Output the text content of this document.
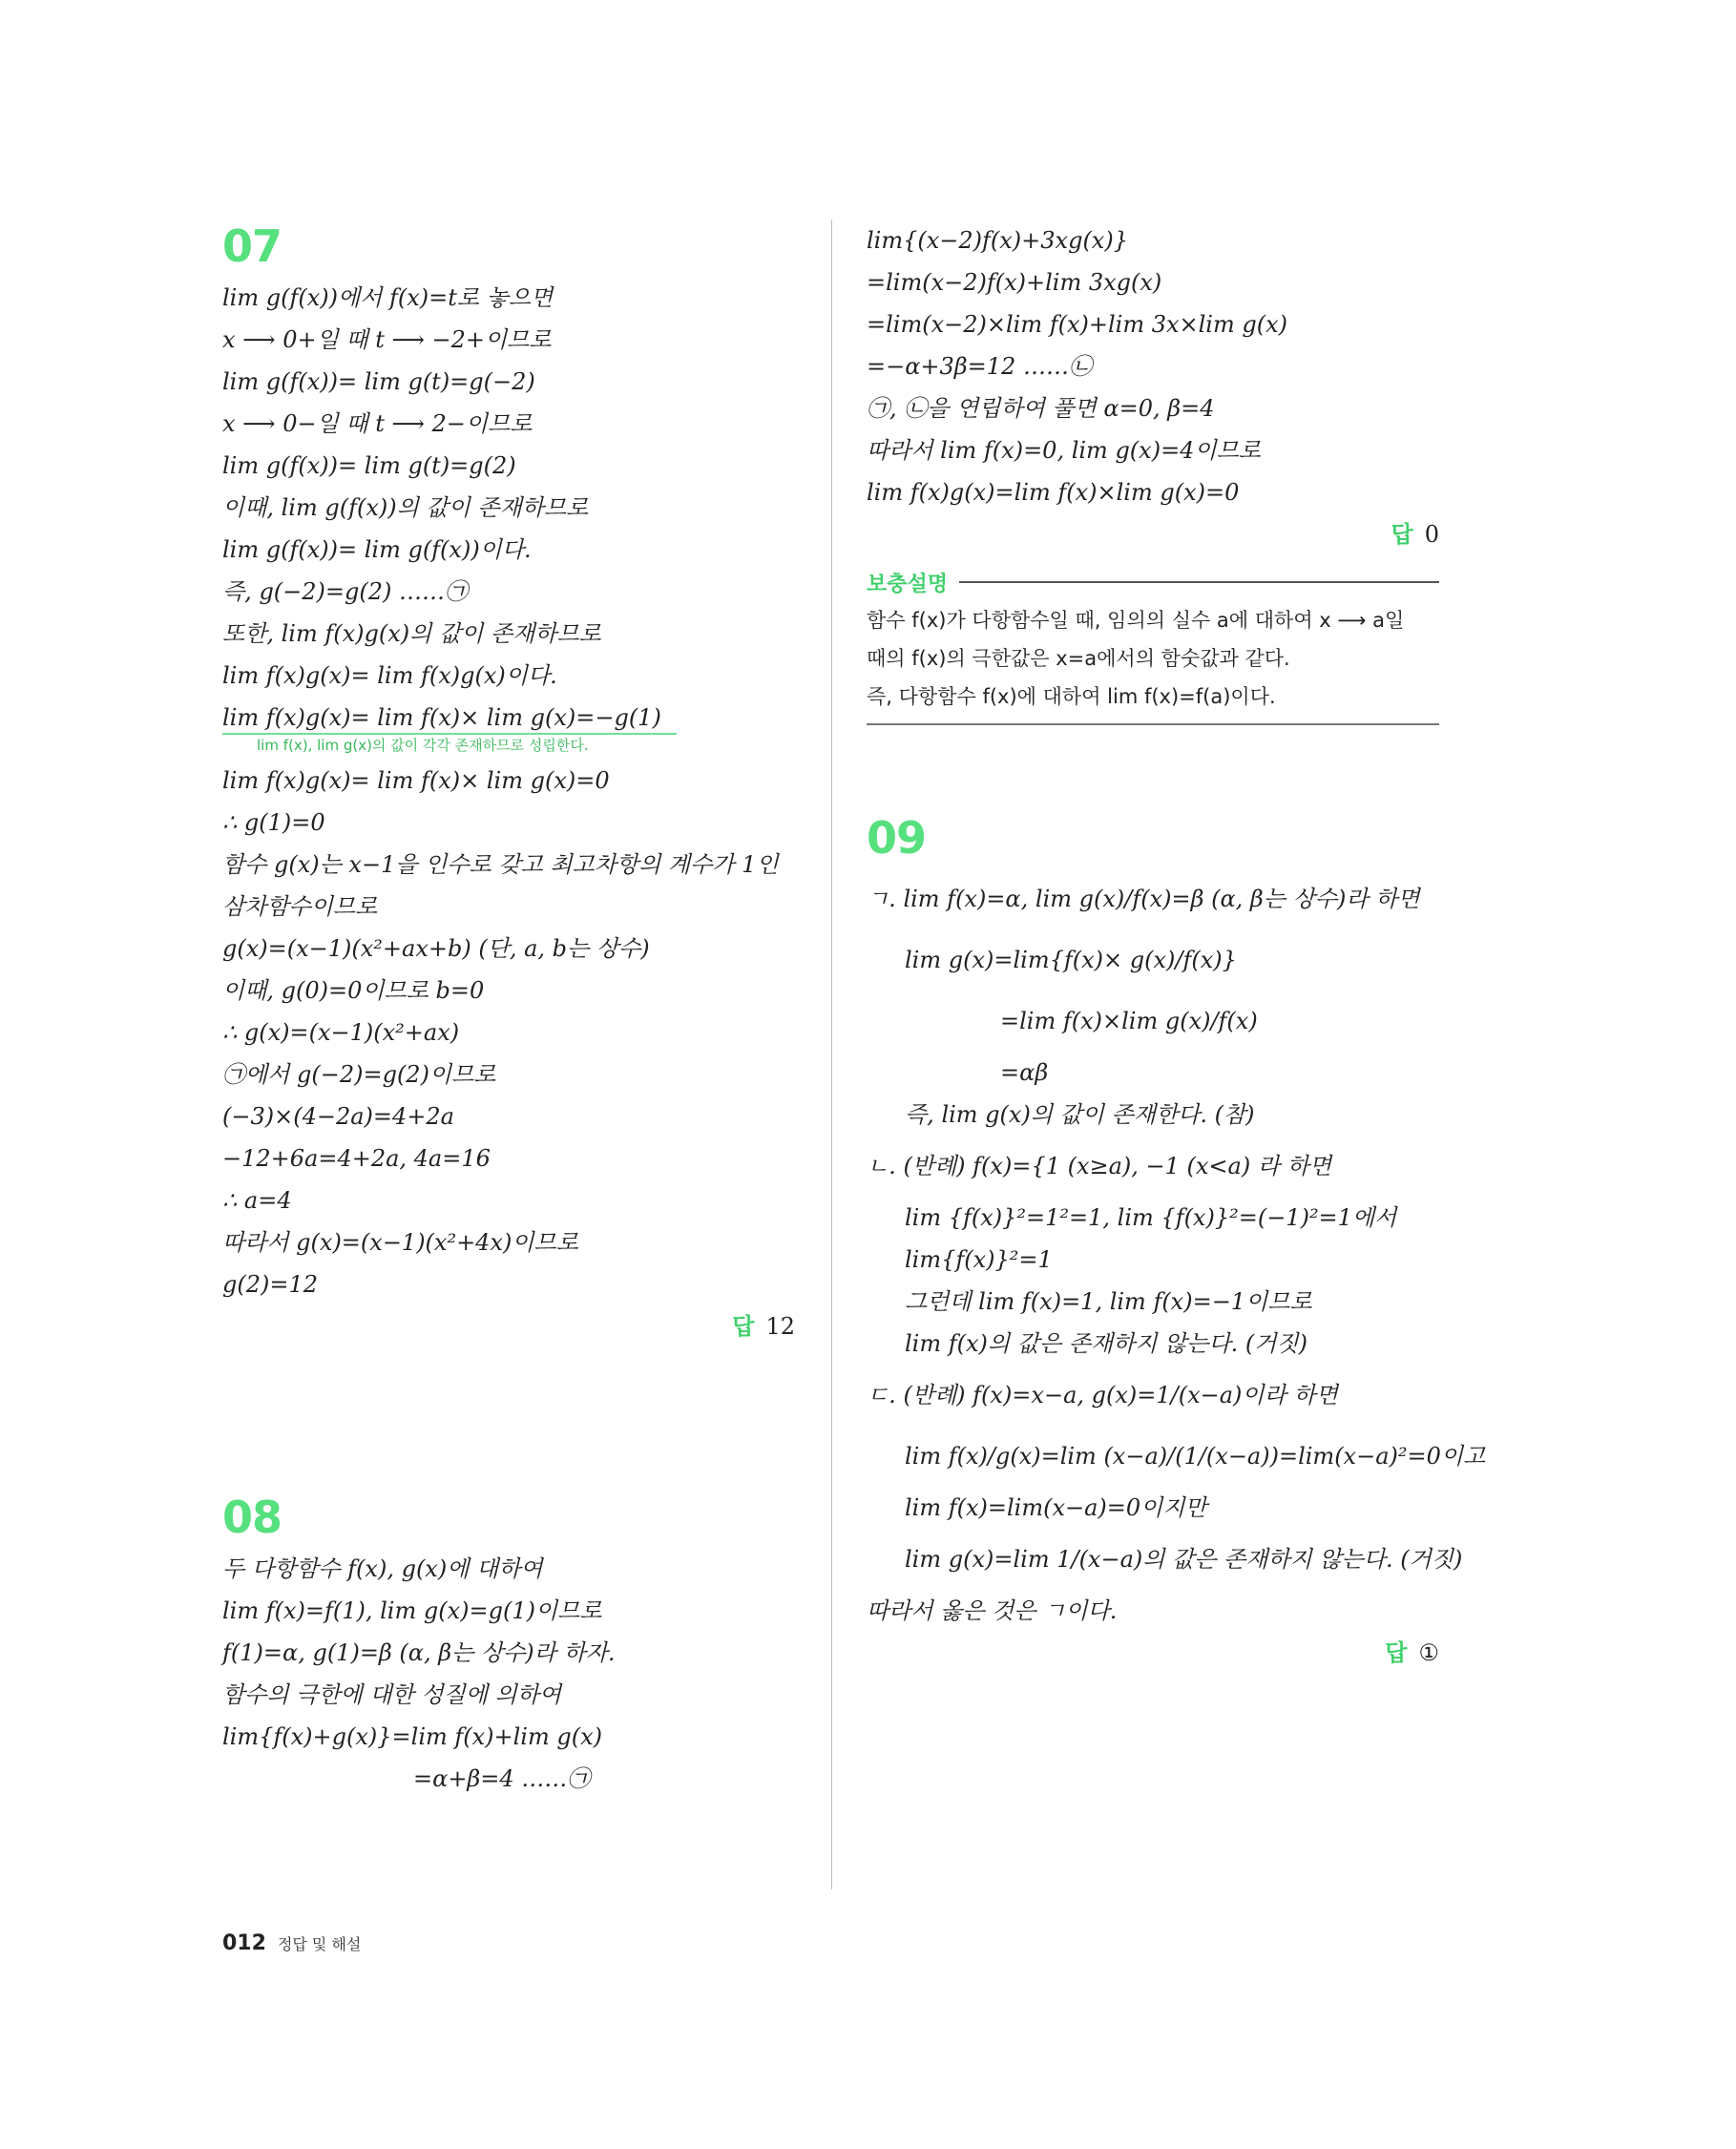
07
lim g(f(x))에서 f(x)=t로 놓으면
x ⟶ 0+일 때 t ⟶ −2+이므로
lim g(f(x))= lim g(t)=g(−2)
x ⟶ 0−일 때 t ⟶ 2−이므로
lim g(f(x))= lim g(t)=g(2)
이때, lim g(f(x))의 값이 존재하므로
lim g(f(x))= lim g(f(x))이다.
즉, g(−2)=g(2) ……㉠
또한, lim f(x)g(x)의 값이 존재하므로
lim f(x)g(x)= lim f(x)g(x)이다.
lim f(x)g(x)= lim f(x)× lim g(x)=−g(1)
lim f(x), lim g(x)의 값이 각각 존재하므로 성립한다.
lim f(x)g(x)= lim f(x)× lim g(x)=0
∴ g(1)=0
함수 g(x)는 x−1을 인수로 갖고 최고차항의 계수가 1인
삼차함수이므로
g(x)=(x−1)(x²+ax+b) (단, a, b는 상수)
이때, g(0)=0이므로 b=0
∴ g(x)=(x−1)(x²+ax)
㉠에서 g(−2)=g(2)이므로
(−3)×(4−2a)=4+2a
−12+6a=4+2a, 4a=16
∴ a=4
따라서 g(x)=(x−1)(x²+4x)이므로
g(2)=12
답 12
08
두 다항함수 f(x), g(x)에 대하여
lim f(x)=f(1), lim g(x)=g(1)이므로
f(1)=α, g(1)=β (α, β는 상수)라 하자.
함수의 극한에 대한 성질에 의하여
lim{f(x)+g(x)}=lim f(x)+lim g(x)
=α+β=4 ……㉠
lim{(x−2)f(x)+3xg(x)}
=lim(x−2)f(x)+lim 3xg(x)
=lim(x−2)×lim f(x)+lim 3x×lim g(x)
=−α+3β=12 ……㉡
㉠, ㉡을 연립하여 풀면 α=0, β=4
따라서 lim f(x)=0, lim g(x)=4이므로
lim f(x)g(x)=lim f(x)×lim g(x)=0
답 0
보충설명
함수 f(x)가 다항함수일 때, 임의의 실수 a에 대하여 x ⟶ a일
때의 f(x)의 극한값은 x=a에서의 함숫값과 같다.
즉, 다항함수 f(x)에 대하여 lim f(x)=f(a)이다.
09
ㄱ. lim f(x)=α, lim g(x)/f(x)=β (α, β는 상수)라 하면
lim g(x)=lim{f(x)× g(x)/f(x)}
=lim f(x)×lim g(x)/f(x)
=αβ
즉, lim g(x)의 값이 존재한다. (참)
ㄴ. (반례) f(x)={1 (x≥a), −1 (x<a) 라 하면
lim {f(x)}²=1²=1, lim {f(x)}²=(−1)²=1에서
lim{f(x)}²=1
그런데 lim f(x)=1, lim f(x)=−1이므로
lim f(x)의 값은 존재하지 않는다. (거짓)
ㄷ. (반례) f(x)=x−a, g(x)=1/(x−a)이라 하면
lim f(x)/g(x)=lim (x−a)/(1/(x−a))=lim(x−a)²=0이고
lim f(x)=lim(x−a)=0이지만
lim g(x)=lim 1/(x−a)의 값은 존재하지 않는다. (거짓)
따라서 옳은 것은 ㄱ이다.
답 ①
012 정답 및 해설
